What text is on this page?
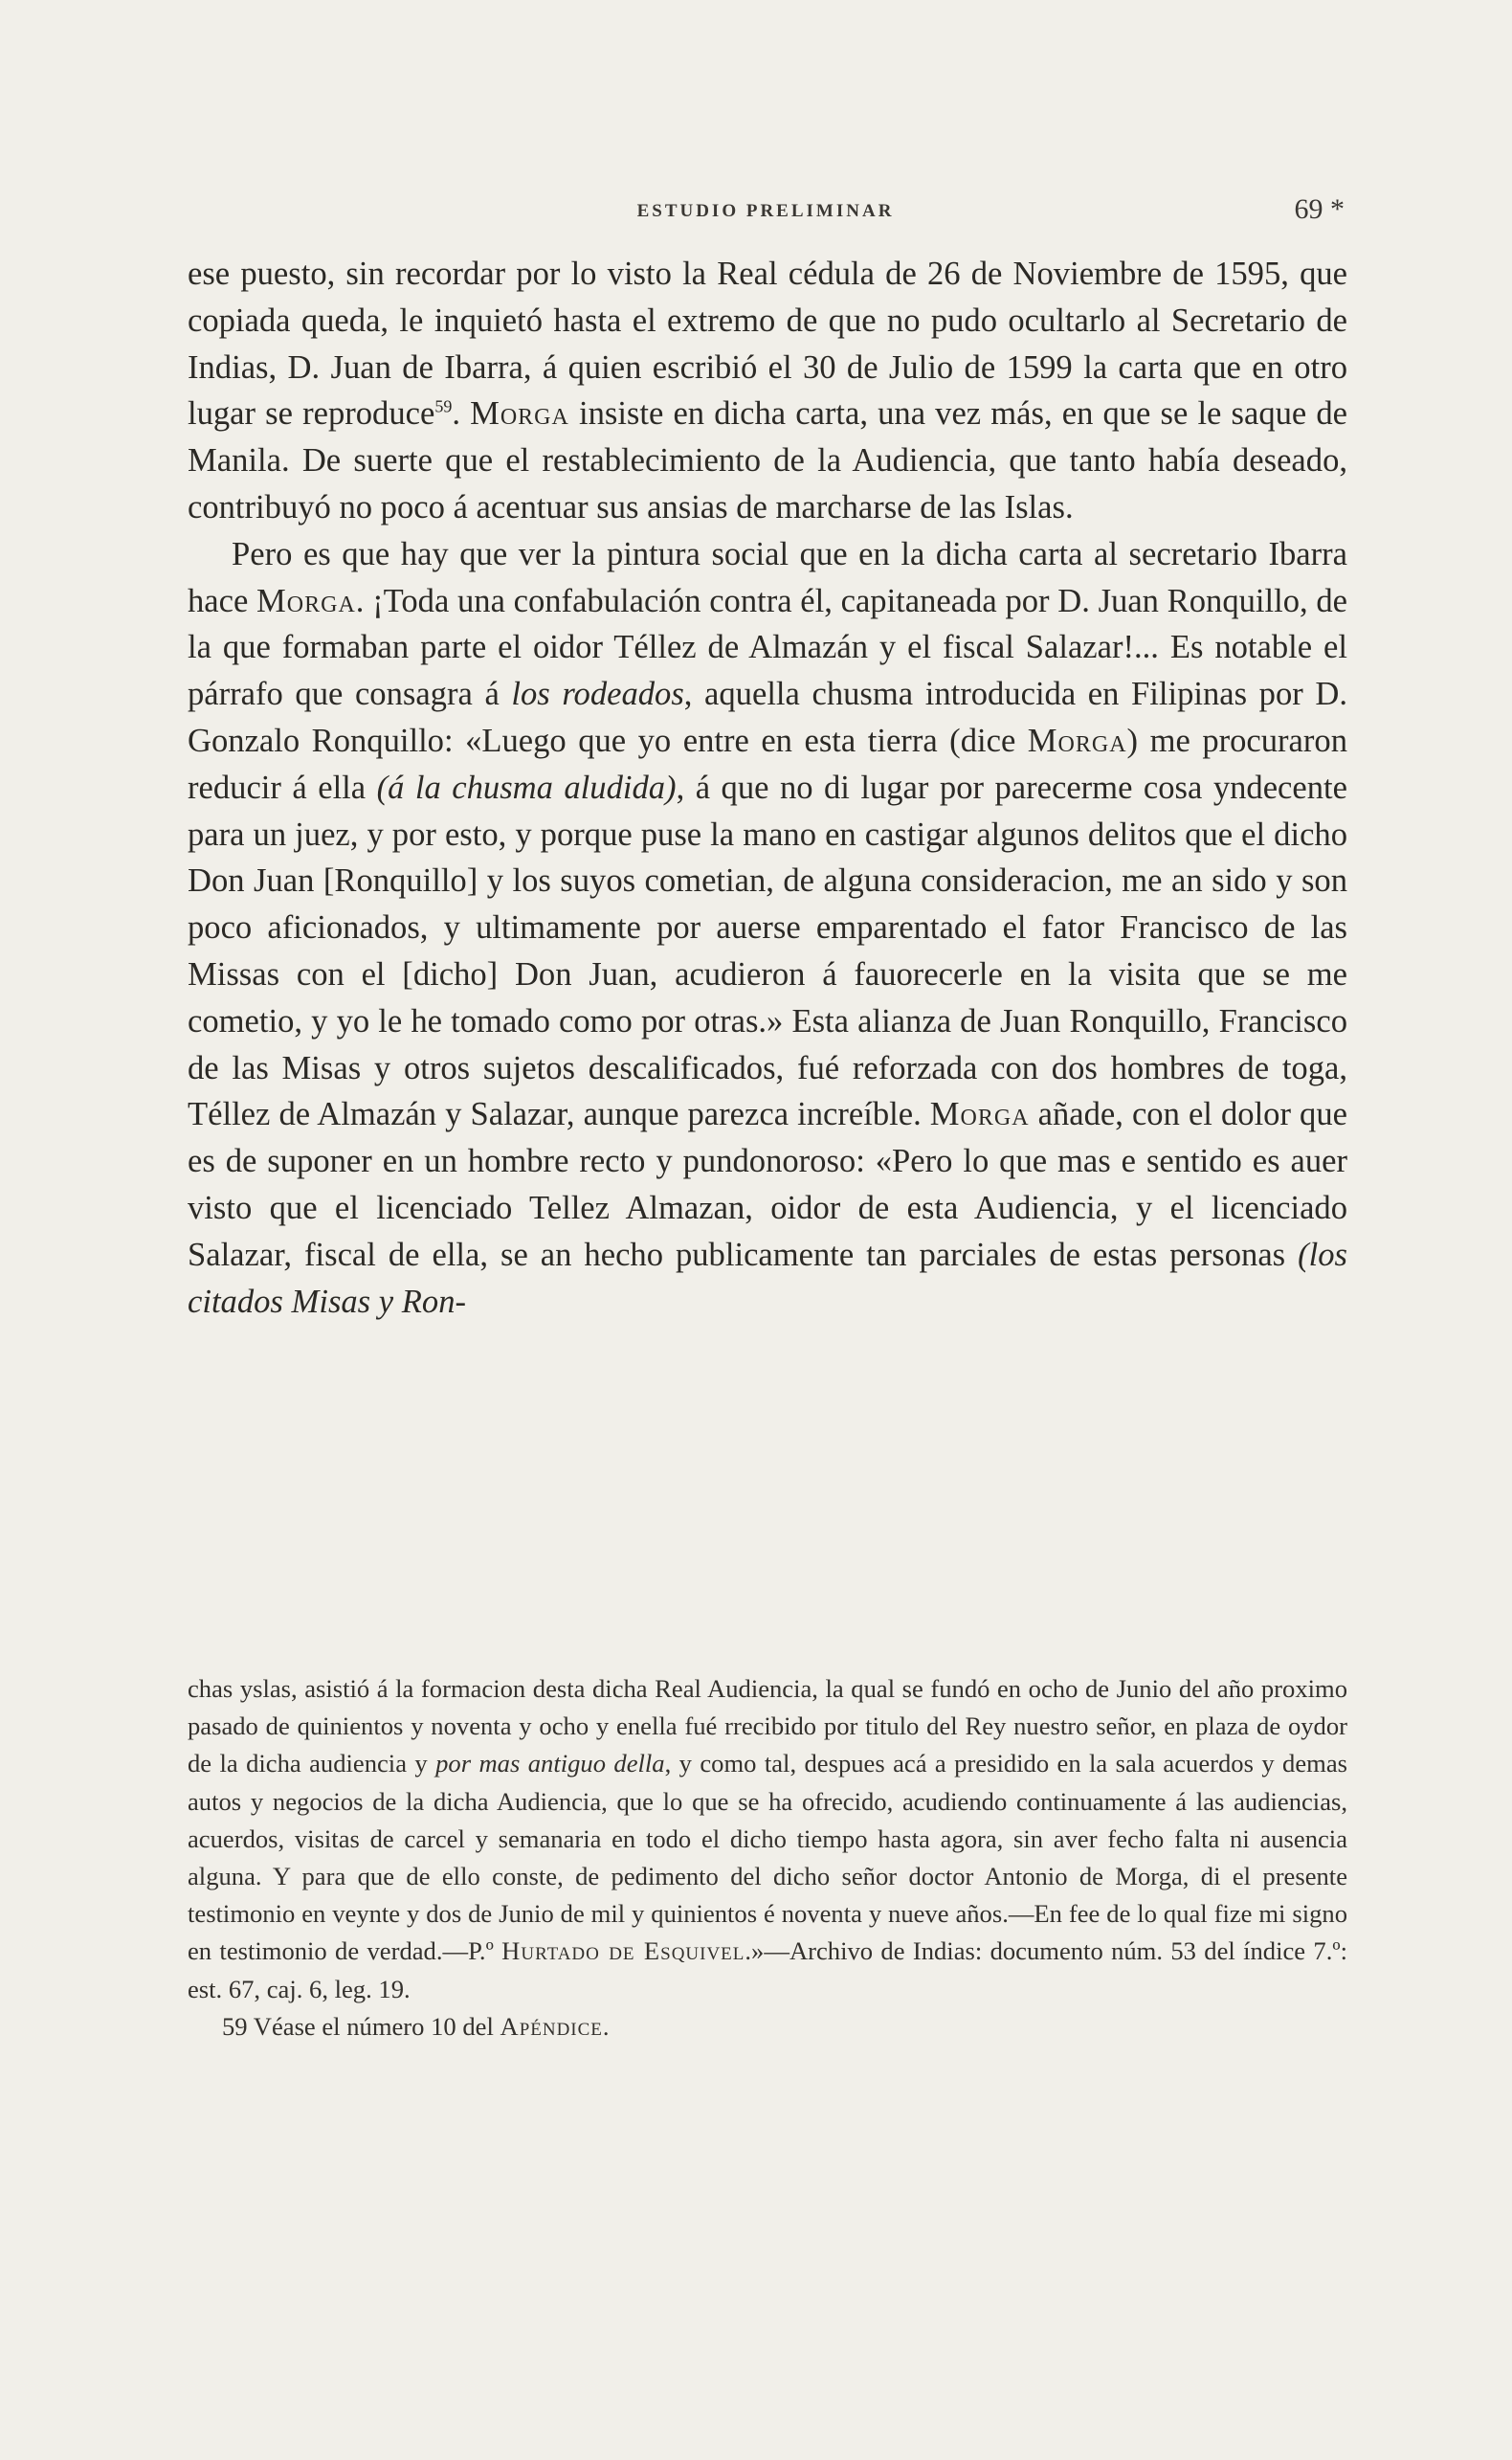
ESTUDIO PRELIMINAR	69 *

ese puesto, sin recordar por lo visto la Real cédula de 26 de Noviembre de 1595, que copiada queda, le inquietó hasta el extremo de que no pudo ocultarlo al Secretario de Indias, D. Juan de Ibarra, á quien escribió el 30 de Julio de 1599 la carta que en otro lugar se reproduce$^{59}$. Morga insiste en dicha carta, una vez más, en que se le saque de Manila. De suerte que el restablecimiento de la Audiencia, que tanto había deseado, contribuyó no poco á acentuar sus ansias de marcharse de las Islas.

Pero es que hay que ver la pintura social que en la dicha carta al secretario Ibarra hace Morga. ¡Toda una confabulación contra él, capitaneada por D. Juan Ronquillo, de la que formaban parte el oidor Téllez de Almazán y el fiscal Salazar!... Es notable el párrafo que consagra á los rodeados, aquella chusma introducida en Filipinas por D. Gonzalo Ronquillo: «Luego que yo entre en esta tierra (dice Morga) me procuraron reducir á ella (á la chusma aludida), á que no di lugar por parecerme cosa yndecente para un juez, y por esto, y porque puse la mano en castigar algunos delitos que el dicho Don Juan [Ronquillo] y los suyos cometian, de alguna consideracion, me an sido y son poco aficionados, y ultimamente por auerse emparentado el fator Francisco de las Missas con el [dicho] Don Juan, acudieron á fauorecerle en la visita que se me cometio, y yo le he tomado como por otras.» Esta alianza de Juan Ronquillo, Francisco de las Misas y otros sujetos descalificados, fué reforzada con dos hombres de toga, Téllez de Almazán y Salazar, aunque parezca increíble. Morga añade, con el dolor que es de suponer en un hombre recto y pundonoroso: «Pero lo que mas e sentido es auer visto que el licenciado Tellez Almazan, oidor de esta Audiencia, y el licenciado Salazar, fiscal de ella, se an hecho publicamente tan parciales de estas personas (los citados Misas y Ron-

chas yslas, asistió á la formacion desta dicha Real Audiencia, la qual se fundó en ocho de Junio del año proximo pasado de quinientos y noventa y ocho y enella fué rrecibido por titulo del Rey nuestro señor, en plaza de oydor de la dicha audiencia y por mas antiguo della, y como tal, despues acá a presidido en la sala acuerdos y demas autos y negocios de la dicha Audiencia, que lo que se ha ofrecido, acudiendo continuamente á las audiencias, acuerdos, visitas de carcel y semanaria en todo el dicho tiempo hasta agora, sin aver fecho falta ni ausencia alguna. Y para que de ello conste, de pedimento del dicho señor doctor Antonio de Morga, di el presente testimonio en veynte y dos de Junio de mil y quinientos é noventa y nueve años.—En fee de lo qual fize mi signo en testimonio de verdad.—P.º Hurtado de Esquivel.»—Archivo de Indias: documento núm. 53 del índice 7.º: est. 67, caj. 6, leg. 19.

59 Véase el número 10 del Apéndice.
